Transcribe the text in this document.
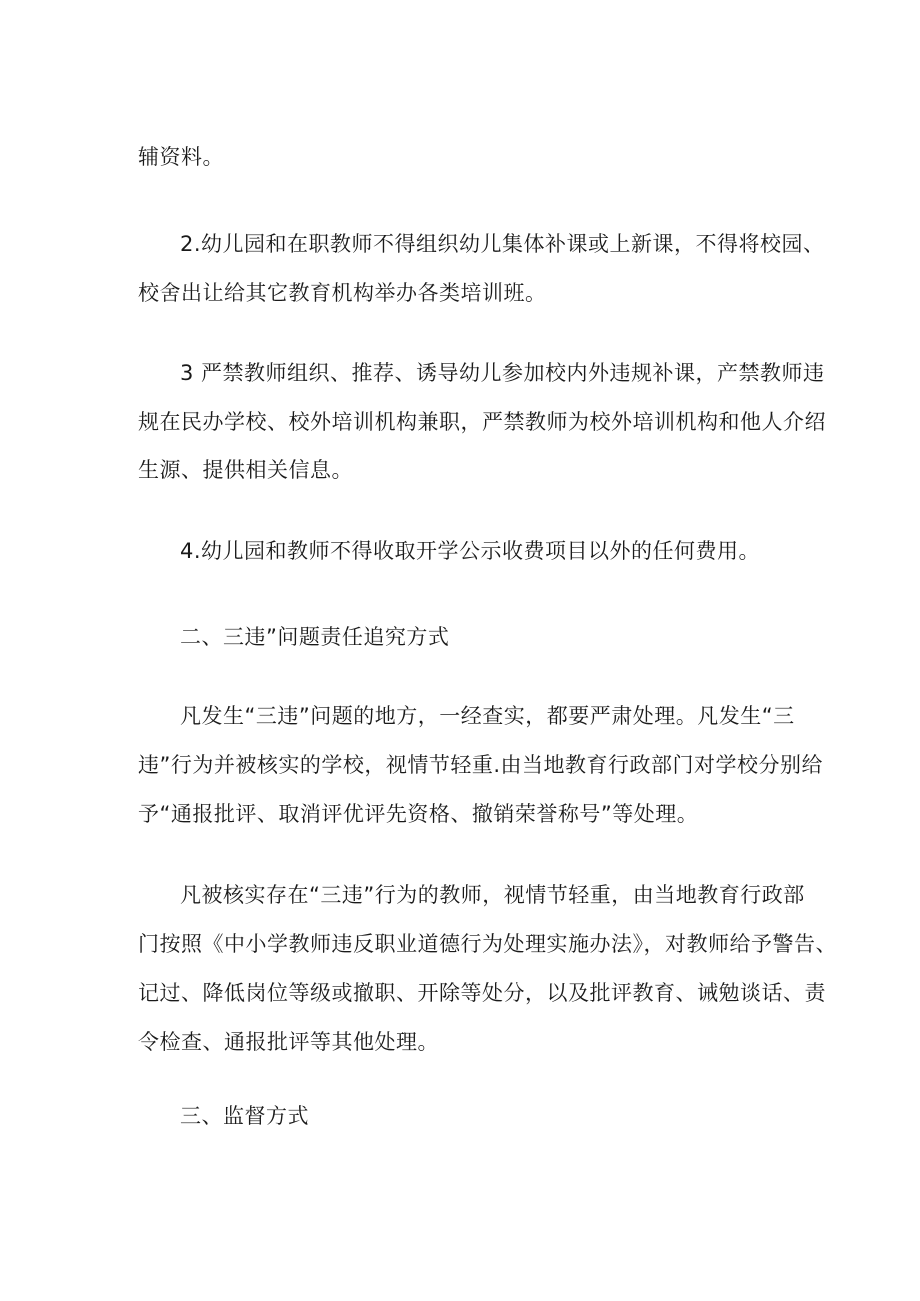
辅资料。
2.幼儿园和在职教师不得组织幼儿集体补课或上新课，不得将校园、
校舍出让给其它教育机构举办各类培训班。
3 严禁教师组织、推荐、诱导幼儿参加校内外违规补课，产禁教师违
规在民办学校、校外培训机构兼职，严禁教师为校外培训机构和他人介绍
生源、提供相关信息。
4.幼儿园和教师不得收取开学公示收费项目以外的任何费用。
二、三违”问题责任追究方式
凡发生“三违”问题的地方，一经查实，都要严肃处理。凡发生“三
违”行为并被核实的学校，视情节轻重.由当地教育行政部门对学校分别给
予“通报批评、取消评优评先资格、撤销荣誉称号”等处理。
凡被核实存在“三违”行为的教师，视情节轻重，由当地教育行政部
门按照《中小学教师违反职业道德行为处理实施办法》，对教师给予警告、
记过、降低岗位等级或撤职、开除等处分，以及批评教育、诫勉谈话、责
令检查、通报批评等其他处理。
三、监督方式
